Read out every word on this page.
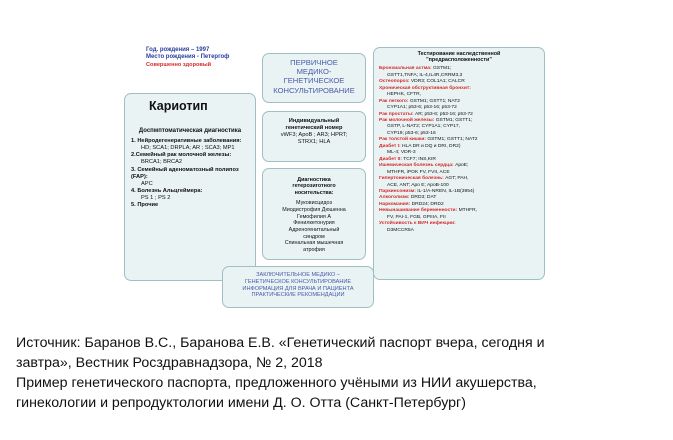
Год. рождения – 1997
Место рождения - Петергоф
Совершенно здоровый
Кариотип
Доспмптоматическая диагностика
1. Нейродегенеративные заболевания:
HD; SCA1; DRPLA; AR ; SCA3; MP1
2.Семейный рак молочной железы:
BRCA1; BRCA2
3. Семейный аденоматозный полипоз (FAP):
APC
4. Болезнь Альцгеймера:
PS 1 ; PS 2
5. Прочие
ПЕРВИЧНОЕ
МЕДИКО-
ГЕНЕТИЧЕСКОЕ
КОНСУЛЬТИРОВАНИЕ
Индивидуальный
генетический номер
vWF3; ApoB ; AR3; HPRT;
STRX1; HLA
Диагностика
гетерозиготного
носительства:
Муковисцидоз
Миодистрофия Дюшенна
Гемофилия А
Фенилкетонурия
Адреногенитальный
синдром
Спинальная мышечная
атрофия
Тестирование наследственной
"предрасположенности"
Бронхиальная астма: GSTM1;
GSTT1,TNFA; IL-4,IL4R,CRRM3,3
Остеопороз: VDR3; COL1A1; CALCR
Хроническая обструктивная бронхит:
HEPHK, CFTR,
Рак легкого: GSTM1; GSTT1; NAT2
CYP1A1; p53-6; p53-16; p53-72
Рак простаты: AR; p53-6; p53-16; p53-72
Рак молочной железы: GSTM1; GSTT1;
GSTP, L-NAT2; CYP1A1; CYP17,
CYP19; p53-6; p53-16
Рак толстой кишки: GSTM1; GSTT1; NAT2
Диабет I: HLA DR и DQ и DRI, DR2)
ML-4; VDR-3
Диабет II: TCF7; INS,KIR
Ишемическая болезнь сердца: ApoE;
MTHFR, iPOK FV, FVII, ACE
Гипертоническая болезнь: AGT; PAH,
ACE, ANT; Apo E; ApoB-100
Паркинсонизм: IL-1/A-NREN, IL-1B(3954)
Алкоголизм: DRD3; DAT
Наркомания: DRD24; DRD2
Невынашивание беременности: MTHFR,
FV, PAI-1, FGB, GPIIIA, FII
Устойчивость к ВИЧ инфекции:
D3MCCR5A
ЗАКЛЮЧИТЕЛЬНОЕ МЕДИКО –
ГЕНЕТИЧЕСКОЕ КОНСУЛЬТИРОВАНИЕ
ИНФОРМАЦИЯ ДЛЯ ВРАЧА И ПАЦИЕНТА
ПРАКТИЧЕСКИЕ РЕКОМЕНДАЦИИ
Источник: Баранов В.С., Баранова Е.В. «Генетический паспорт вчера, сегодня и
завтра», Вестник Росздравнадзора, № 2, 2018
Пример генетического паспорта, предложенного учёными из НИИ акушерства,
гинекологии и репродуктологии имени Д. О. Отта (Санкт-Петербург)
